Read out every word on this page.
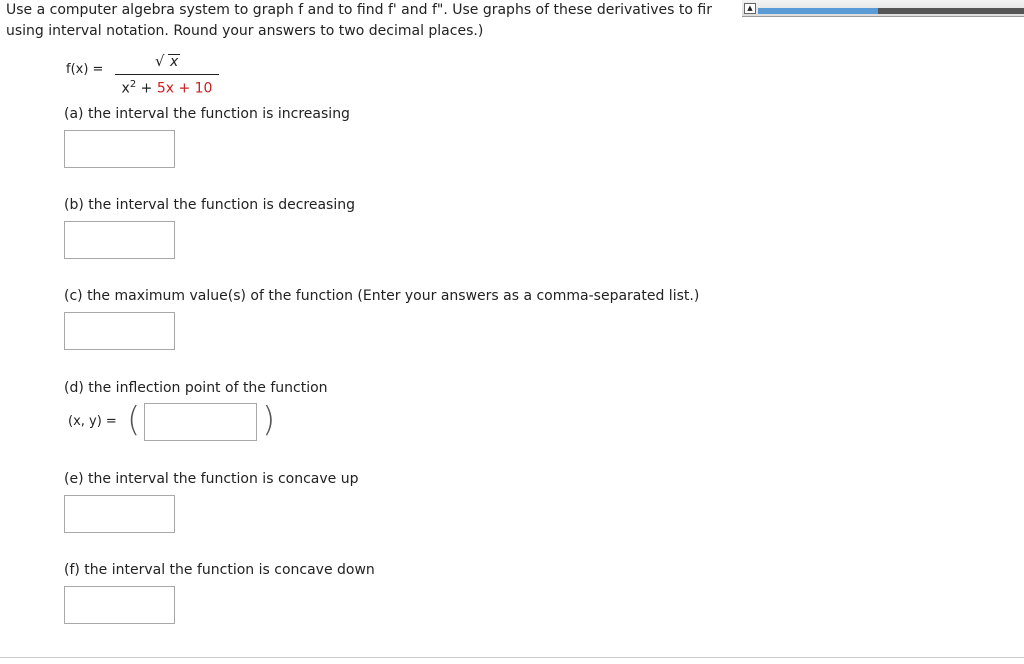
Use a computer algebra system to graph f and to find f' and f". Use graphs of these derivatives to fir
using interval notation. Round your answers to two decimal places.)
▲
f(x) =	√ x
$x^2 + 5x + 10$
(a) the interval the function is increasing
(b) the interval the function is decreasing
(c) the maximum value(s) of the function (Enter your answers as a comma-separated list.)
(d) the inflection point of the function
(x, y) = (	)
(e) the interval the function is concave up
(f) the interval the function is concave down
